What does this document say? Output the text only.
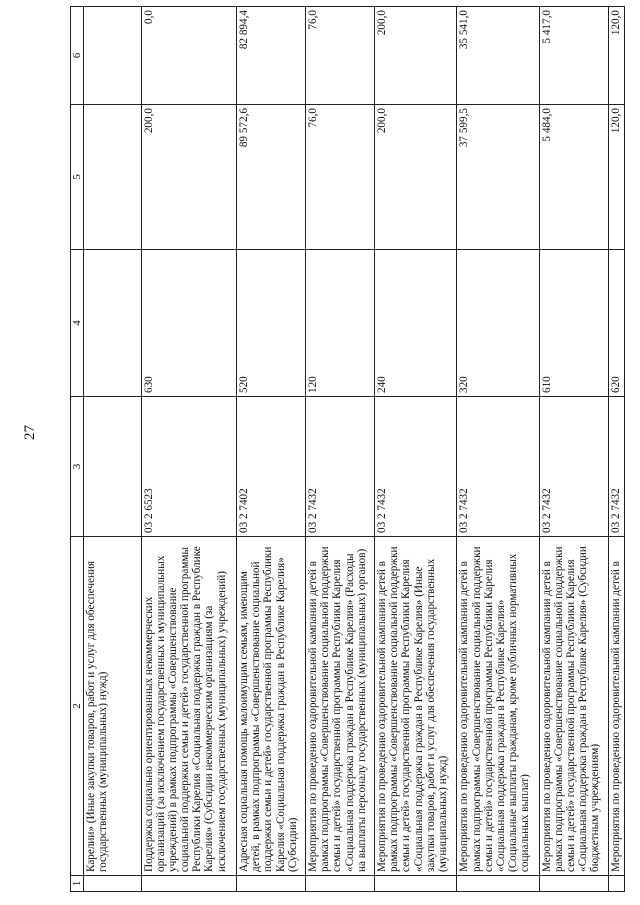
27
1	2	3	4	5	6
	Карелии» (Иные закупки товаров, работ и услуг для обеспечения государственных (муниципальных) нужд)				
	Поддержка социально ориентированных некоммерческих организаций (за исключением государственных и муниципальных учреждений) в рамках подпрограммы «Совершенствование социальной поддержки семьи и детей» государственной программы Республики Карелия «Социальная поддержка граждан в Республике Карелия» (Субсидии некоммерческим организациям (за исключением государственных (муниципальных) учреждений)	03 2 6523	630	200,0	0,0
	Адресная социальная помощь малоимущим семьям, имеющим детей, в рамках подпрограммы «Совершенствование социальной поддержки семьи и детей» государственной программы Республики Карелия «Социальная поддержка граждан в Республике Карелия» (Субсидии)	03 2 7402	520	89 572,6	82 894,4
	Мероприятия по проведению оздоровительной кампании детей в рамках подпрограммы «Совершенствование социальной поддержки семьи и детей» государственной программы Республики Карелия «Социальная поддержка граждан в Республике Карелия» (Расходы на выплаты персоналу государственных (муниципальных) органов)	03 2 7432	120	76,0	76,0
	Мероприятия по проведению оздоровительной кампании детей в рамках подпрограммы «Совершенствование социальной поддержки семьи и детей» государственной программы Республики Карелия «Социальная поддержка граждан в Республике Карелия» (Иные закупки товаров, работ и услуг для обеспечения государственных (муниципальных) нужд)	03 2 7432	240	200,0	200,0
	Мероприятия по проведению оздоровительной кампании детей в рамках подпрограммы «Совершенствование социальной поддержки семьи и детей» государственной программы Республики Карелия «Социальная поддержка граждан в Республике Карелия» (Социальные выплаты гражданам, кроме публичных нормативных социальных выплат)	03 2 7432	320	37 599,5	35 541,0
	Мероприятия по проведению оздоровительной кампании детей в рамках подпрограммы «Совершенствование социальной поддержки семьи и детей» государственной программы Республики Карелия «Социальная поддержка граждан в Республике Карелия» (Субсидии бюджетным учреждениям)	03 2 7432	610	5 484,0	5 417,0
	Мероприятия по проведению оздоровительной кампании детей в	03 2 7432	620	120,0	120,0
